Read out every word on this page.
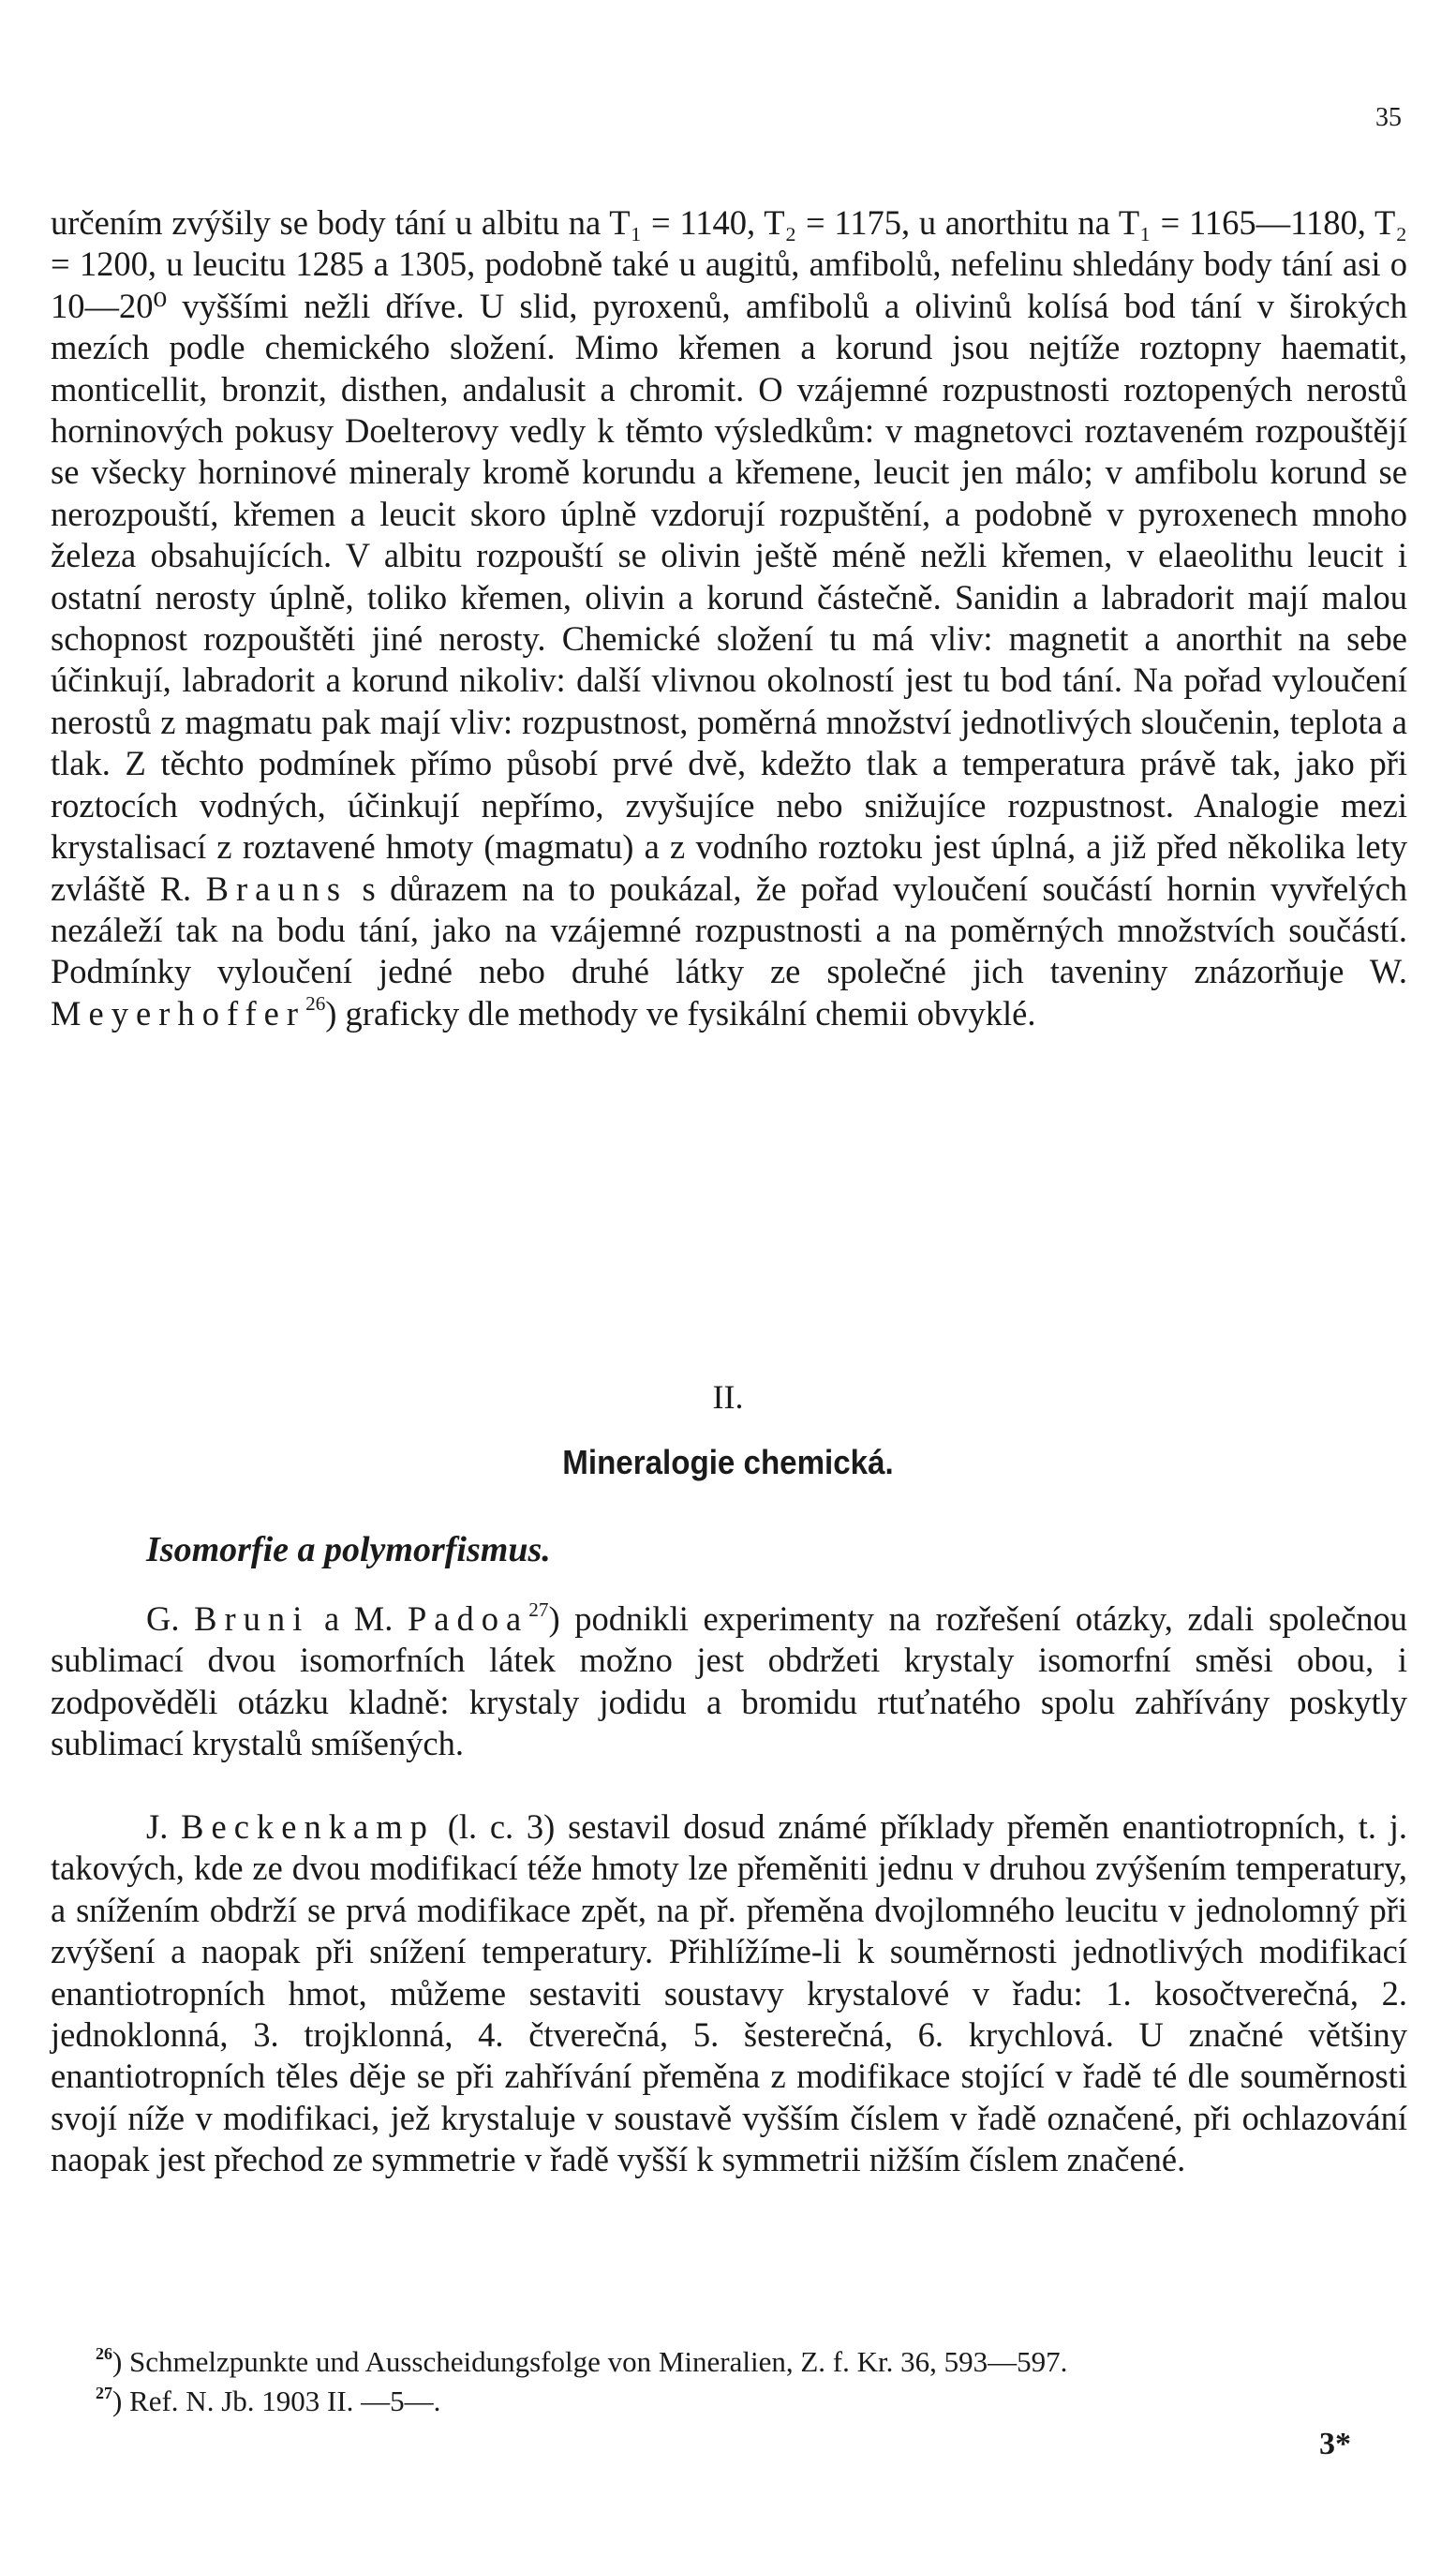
35

určením zvýšily se body tání u albitu na T₁ = 1140, T₂ = 1175, u anorthitu na T₁ = 1165—1180, T₂ = 1200, u leucitu 1285 a 1305, podobně také u augitů, amfibolů, nefelinu shledány body tání asi o 10—20⁰ vyššími nežli dříve. U slid, pyroxenů, amfibolů a olivinů kolísá bod tání v širokých mezích podle chemického složení. Mimo křemen a korund jsou nejtíže roztopny haematit, monticellit, bronzit, disthen, andalusit a chromit. O vzájemné rozpustnosti roztopených nerostů horninových pokusy Doelterovy vedly k těmto výsledkům: v magnetovci roztaveném rozpouštějí se všecky horninové mineraly kromě korundu a křemene, leucit jen málo; v amfibolu korund se nerozpouští, křemen a leucit skoro úplně vzdorují rozpuštění, a podobně v pyroxenech mnoho železa obsahujících. V albitu rozpouští se olivin ještě méně nežli křemen, v elaeolithu leucit i ostatní nerosty úplně, toliko křemen, olivin a korund částečně. Sanidin a labradorit mají malou schopnost rozpouštěti jiné nerosty. Chemické složení tu má vliv: magnetit a anorthit na sebe účinkují, labradorit a korund nikoliv: další vlivnou okolností jest tu bod tání. Na pořad vyloučení nerostů z magmatu pak mají vliv: rozpustnost, poměrná množství jednotlivých sloučenin, teplota a tlak. Z těchto podmínek přímo působí prvé dvě, kdežto tlak a temperatura právě tak, jako při roztocích vodných, účinkují nepřímo, zvyšujíce nebo snižujíce rozpustnost. Analogie mezi krystalisací z roztavené hmoty (magmatu) a z vodního roztoku jest úplná, a již před několika lety zvláště R. Brauns s důrazem na to poukázal, že pořad vyloučení součástí hornin vyvřelých nezáleží tak na bodu tání, jako na vzájemné rozpustnosti a na poměrných množstvích součástí. Podmínky vyloučení jedné nebo druhé látky ze společné jich taveniny znázorňuje W. Meyerhoffer$^{26}$) graficky dle methody ve fysikální chemii obvyklé.

II.
Mineralogie chemická.
Isomorfie a polymorfismus.

G. Bruni a M. Padoa$^{27}$) podnikli experimenty na rozřešení otázky, zdali společnou sublimací dvou isomorfních látek možno jest obdržeti krystaly isomorfní směsi obou, i zodpověděli otázku kladně: krystaly jodidu a bromidu rtuťnatého spolu zahřívány poskytly sublimací krystalů smíšených.

J. Beckenkamp (l. c. 3) sestavil dosud známé příklady přeměn enantiotropních, t. j. takových, kde ze dvou modifikací téže hmoty lze přeměniti jednu v druhou zvýšením temperatury, a snížením obdrží se prvá modifikace zpět, na př. přeměna dvojlomného leucitu v jednolomný při zvýšení a naopak při snížení temperatury. Přihlížíme-li k souměrnosti jednotlivých modifikací enantiotropních hmot, můžeme sestaviti soustavy krystalové v řadu: 1. kosočtverečná, 2. jednoklonná, 3. trojklonná, 4. čtverečná, 5. šesterečná, 6. krychlová. U značné většiny enantiotropních těles děje se při zahřívání přeměna z modifikace stojící v řadě té dle souměrnosti svojí níže v modifikaci, jež krystaluje v soustavě vyšším číslem v řadě označené, při ochlazování naopak jest přechod ze symmetrie v řadě vyšší k symmetrii nižším číslem značené.

$^{26}$) Schmelzpunkte und Ausscheidungsfolge von Mineralien, Z. f. Kr. 36, 593—597.
$^{27}$) Ref. N. Jb. 1903 II. —5—.
3*
